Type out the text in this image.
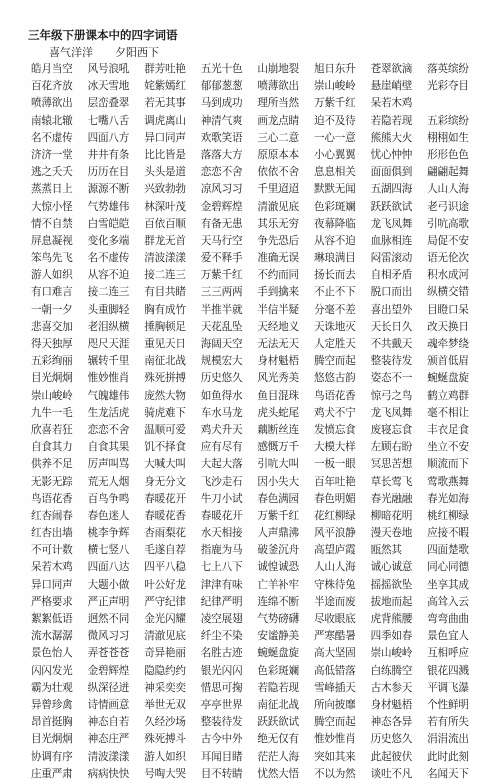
三年级下册课本中的四字词语
喜气洋洋 夕阳西下
皓月当空	风号浪吼	群芳吐艳	五光十色	山崩地裂	旭日东升	苍翠欲滴	落英缤纷
百花齐放	冰天雪地	姹紫嫣红	郁郁葱葱	喷薄欲出	崇山峻岭	悬崖峭壁	光彩夺目
喷薄欲出	层峦叠翠	若无其事	马到成功	理所当然	万紫千红	呆若木鸡
南辕北辙	七嘴八舌	调虎离山	神清气爽	画龙点睛	迫不及待	若隐若现	五彩缤纷
名不虚传	四面八方	异口同声	欢歌笑语	三心二意	一心一意	熊熊大火	栩栩如生
济济一堂	井井有条	比比皆是	落落大方	原原本本	小心翼翼	忧心忡忡	形形色色
逃之夭夭	历历在目	头头是道	恋恋不舍	依依不舍	息息相关	面面俱到	翩翩起舞
蒸蒸日上	源源不断	兴致勃勃	凉风习习	千里迢迢	默默无闻	五湖四海	人山人海
大惊小怪	气势雄伟	林深叶茂	金碧辉煌	清澈见底	色彩斑斓	跃跃欲试	老弓识途
情不自禁	白雪皑皑	百依百顺	有备无患	其乐无穷	夜幕降临	龙飞凤舞	引吭高歌
屏息凝视	变化多端	群龙无首	天马行空	争先恐后	从容不迫	血脉相连	局促不安
笨鸟先飞	名不虚传	清波漾漾	爱不释手	准确无误	琳琅满目	闷雷滚动	语无伦次
游人如织	从容不迫	接二连三	万紫千红	不约而同	扬长而去	自相矛盾	积水成河
有口难言	接二连三	有目共睹	三三两两	手到擒来	不止不下	脱口而出	纵横交错
一朝一夕	头重脚轻	胸有成竹	半推半就	半信半疑	分毫不差	喜出望外	目瞪口呆
悲喜交加	老泪纵横	捶胸顿足	天花乱坠	天经地义	天诛地灭	天长日久	改天换日
得天独厚	咫尺天涯	重见天日	海阔天空	无法无天	人定胜天	不共戴天	魂牵梦绕
五彩绚丽	辗转千里	南征北战	规模宏大	身材魁梧	腾空而起	整装待发	颁首低眉
目光炯炯	惟妙惟肖	殊死拼搏	历史悠久	风光秀美	悠悠古韵	姿态不一	蜿蜒盘旋
崇山峻岭	气魄雄伟	庞然大物	如鱼得水	鱼目混珠	鸟语花香	惊弓之鸟	鹤立鸡群
九牛一毛	生龙活虎	骑虎难下	车水马龙	虎头蛇尾	鸡犬不宁	龙飞凤舞	毫不相让
欣喜若狂	恋恋不舍	温顺可爱	鸡犬升天	藕断丝连	发愤忘食	废寝忘食	丰衣足食
自食其力	自食其果	饥不择食	应有尽有	感慨万千	大模大样	左顾右盼	坐立不安
供养不足	厉声叫骂	大喊大叫	大起大落	引吭大叫	一板一眼	冥思苦想	顺流而下
无影无踪	荒无人烟	身无分文	飞沙走石	因小失大	百年吐艳	草长莺飞	莺歌燕舞
鸟语花香	百鸟争鸣	春暖花开	牛刀小试	春色满园	春色明媚	春光融融	春光如海
红杏闹春	春色迷人	春暖花香	春暖花开	万紫千红	花红柳绿	柳暗花明	桃红柳绿
红杏出墙	桃李争辉	杏雨梨花	水天相接	人声鼎沸	风平浪静	漫天卷地	应接不暇
不可计数	横七竖八	毛遂自荐	指鹿为马	破釜沉舟	高望庐霞	瓯然其	四面楚歌
呆若木鸡	四面八达	四平八稳	七上八下	诚惶诚恐	人山人海	诚心诚意	同心同德
异口同声	大题小做	叶公好龙	津津有味	亡羊补牢	守株待兔	摇摇欲坠	坐享其成
严格要求	严正声明	严守纪律	纪律严明	连绵不断	半途而废	拔地而起	高耸入云
絮絮低语	迥然不同	金光闪耀	凌空展翅	气势磅礴	尽收眼底	虎背熊腰	弯弯曲曲
流水潺潺	微风习习	清澈见底	纤尘不染	安谧静美	严寒酷暑	四季如春	景色宜人
景色怡人	弄苍苍苍	奇异艳丽	名胜古迹	蜿蜒盘旋	高大坚固	崇山峻岭	互相呼应
闪闪发光	金碧辉煌	隐隐约约	银光闪闪	色彩斑斓	高低错落	白练腾空	银花四溅
霸为壮观	纵深径迸	神采奕奕	惜思可掬	若隐若现	雪峰插天	古木参天	平调飞瀑
异曾珍禽	诗情画意	举世无双	亭亭世界	南征北战	所向披靡	身材魁梧	个性鲜明
昂首挺胸	神态自若	久经沙场	整装待发	跃跃欲试	腾空而起	神态各异	若有所失
目光炯炯	神态庄严	殊死搏斗	古今中外	绝无仅有	惟妙惟肖	历史悠久	涓涓流出
协调有序	清波漾漾	游人如织	耳闻目睹	茫茫人海	突如其来	此起彼伏	此时此刻
庄重严肃	病病快快	号啕大哭	目不转睛	忧然大悟	不以为然	谈吐不凡	名闻天下
